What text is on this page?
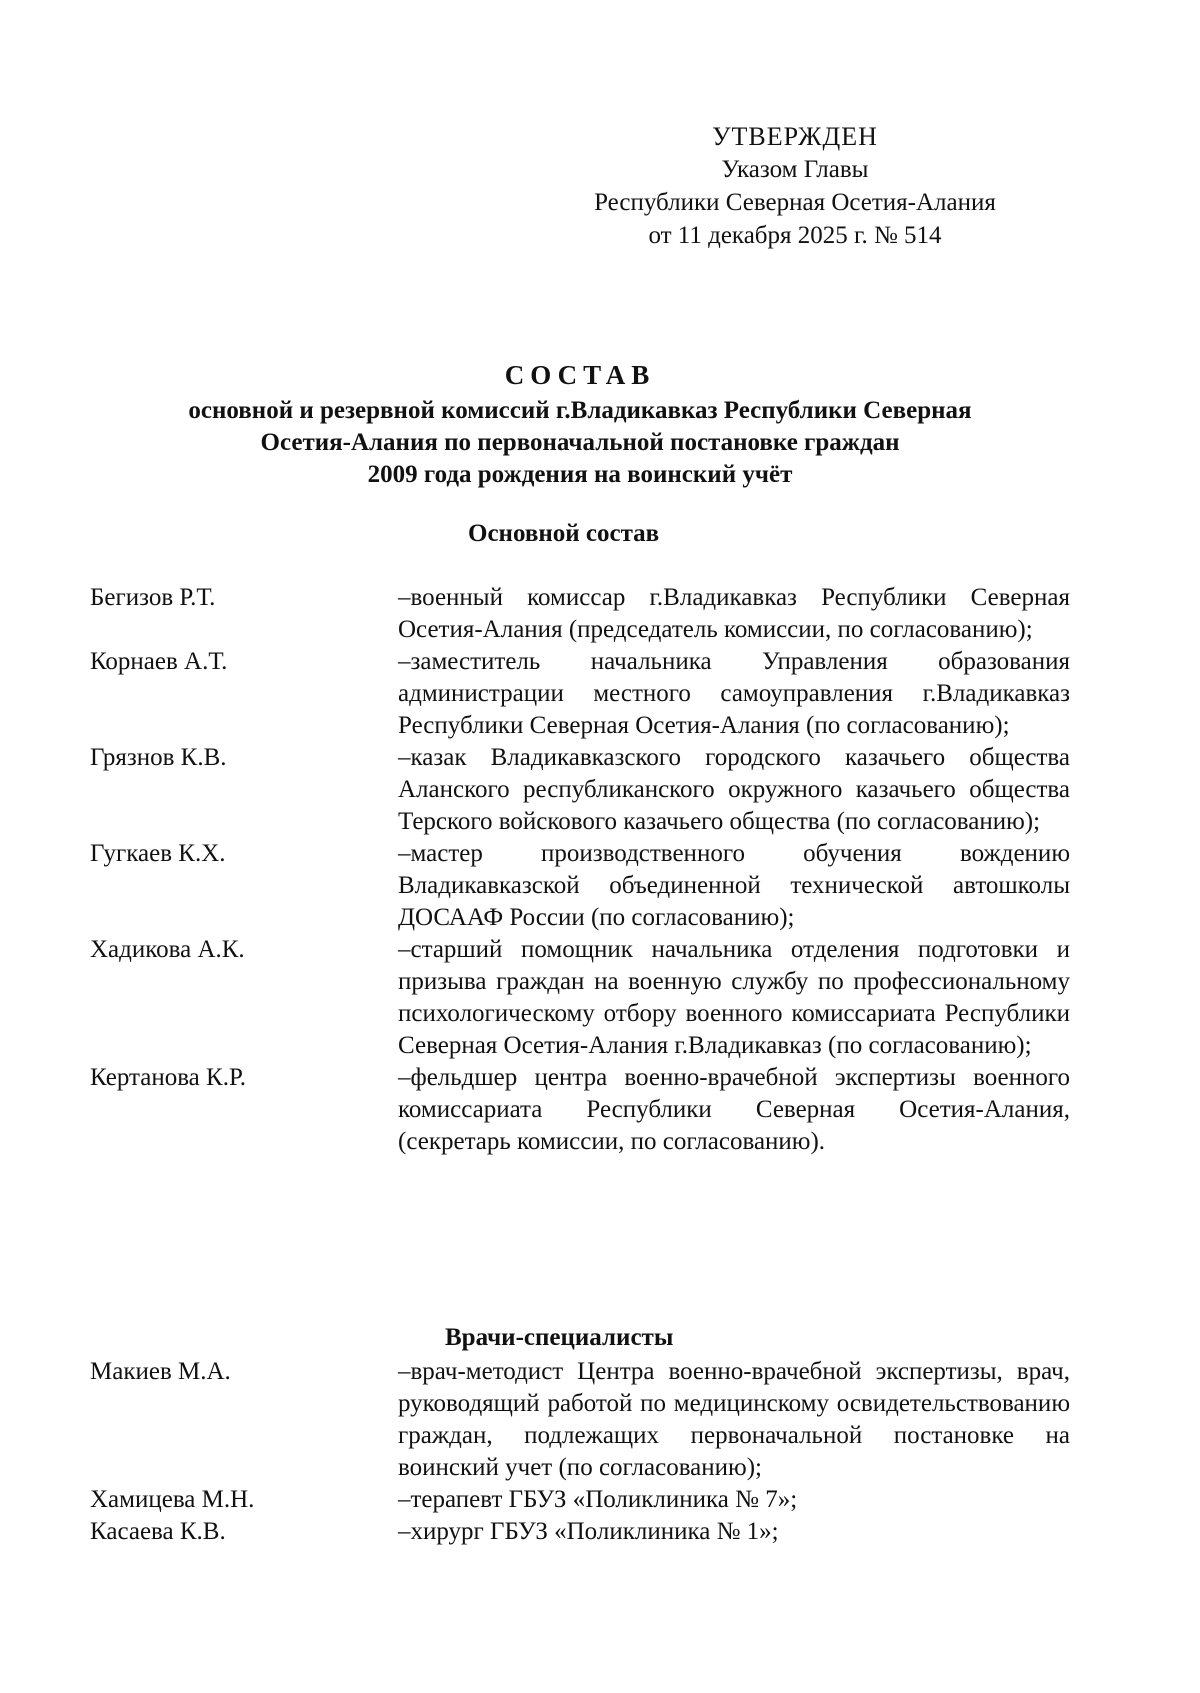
УТВЕРЖДЕН
Указом Главы
Республики Северная Осетия-Алания
от 11 декабря 2025 г. № 514
СОСТАВ
основной и резервной комиссий г.Владикавказ Республики Северная
Осетия-Алания по первоначальной постановке граждан
2009 года рождения на воинский учёт
Основной состав
Бегизов Р.Т.	–военный комиссар г.Владикавказ Республики Северная Осетия-Алания (председатель комиссии, по согласованию);
Корнаев А.Т.	–заместитель начальника Управления образования администрации местного самоуправления г.Владикавказ Республики Северная Осетия-Алания (по согласованию);
Грязнов К.В.	–казак Владикавказского городского казачьего общества Аланского республиканского окружного казачьего общества Терского войскового казачьего общества (по согласованию);
Гугкаев К.Х.	–мастер производственного обучения вождению Владикавказской объединенной технической автошколы ДОСААФ России (по согласованию);
Хадикова А.К.	–старший помощник начальника отделения подготовки и призыва граждан на военную службу по профессиональному психологическому отбору военного комиссариата Республики Северная Осетия-Алания г.Владикавказ (по согласованию);
Кертанова К.Р.	–фельдшер центра военно-врачебной экспертизы военного комиссариата Республики Северная Осетия-Алания, (секретарь комиссии, по согласованию).
Врачи-специалисты
Макиев М.А.	–врач-методист Центра военно-врачебной экспертизы, врач, руководящий работой по медицинскому освидетельствованию граждан, подлежащих первоначальной постановке на воинский учет (по согласованию);
Хамицева М.Н.	–терапевт ГБУЗ «Поликлиника № 7»;
Касаева К.В.	–хирург ГБУЗ «Поликлиника № 1»;
